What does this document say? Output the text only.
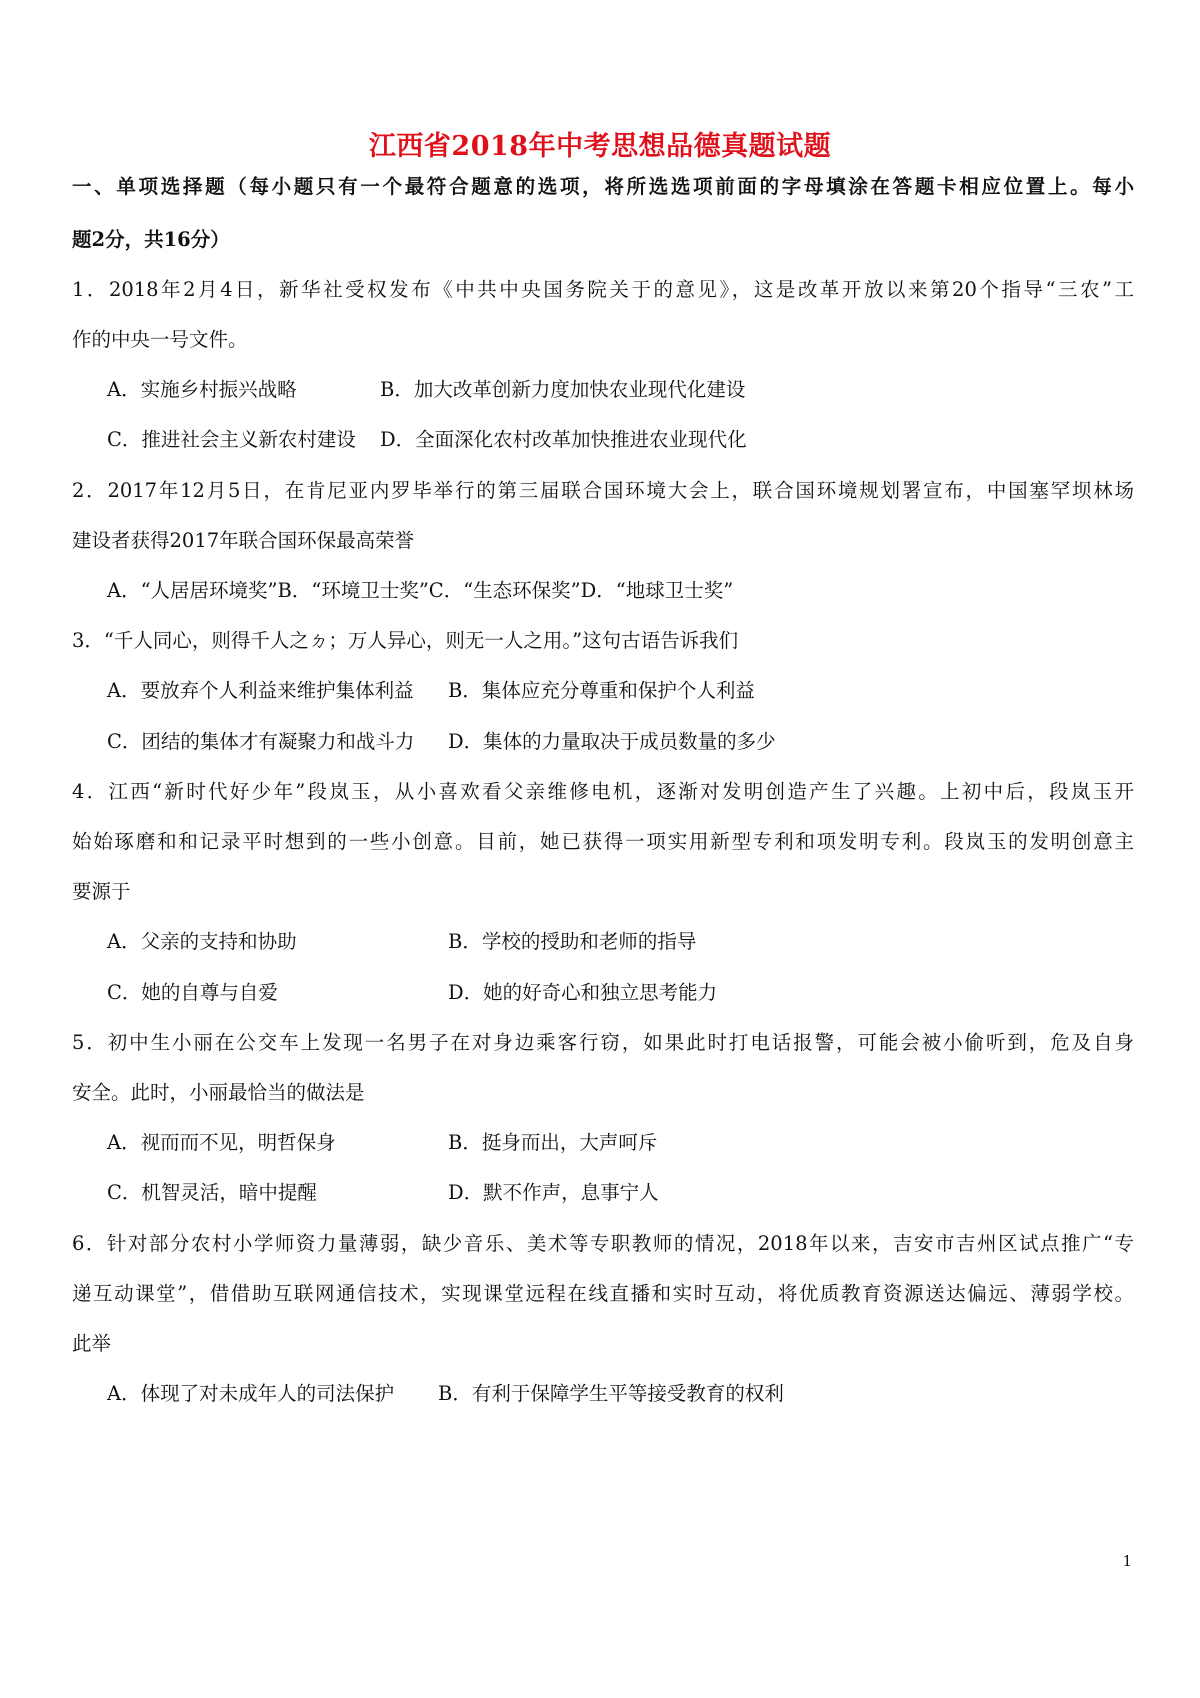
江西省2018年中考思想品德真题试题
一、单项选择题（每小题只有一个最符合题意的选项，将所选选项前面的字母填涂在答题卡相应位置上。每小
题2分，共16分）
1．2018年2月4日，新华社受权发布《中共中央国务院关于的意见》，这是改革开放以来第20个指导“三农”工
作的中央一号文件。
A．实施乡村振兴战略	B．加大改革创新力度加快农业现代化建设
C．推进社会主义新农村建设 D．全面深化农村改革加快推进农业现代化
2．2017年12月5日，在肯尼亚内罗毕举行的第三届联合国环境大会上，联合国环境规划署宣布，中国塞罕坝林场
建设者获得2017年联合国环保最高荣誉
A．“人居居环境奖”B．“环境卫士奖”C．“生态环保奖”D．“地球卫士奖”
3．“千人同心，则得千人之ㄉ；万人异心，则无一人之用。”这句古语告诉我们
A．要放弃个人利益来维护集体利益 B．集体应充分尊重和保护个人利益
C．团结的集体才有凝聚力和战斗力 D．集体的力量取决于成员数量的多少
4．江西“新时代好少年”段岚玉，从小喜欢看父亲维修电机，逐渐对发明创造产生了兴趣。上初中后，段岚玉开
始始琢磨和和记录平时想到的一些小创意。目前，她已获得一项实用新型专利和项发明专利。段岚玉的发明创意主
要源于
A．父亲的支持和协助	B．学校的授助和老师的指导
C．她的自尊与自爱	D．她的好奇心和独立思考能力
5．初中生小丽在公交车上发现一名男子在对身边乘客行窃，如果此时打电话报警，可能会被小偷听到，危及自身
安全。此时，小丽最恰当的做法是
A．视而而不见，明哲保身	B．挺身而出，大声呵斥
C．机智灵活，暗中提醒	D．默不作声，息事宁人
6．针对部分农村小学师资力量薄弱，缺少音乐、美术等专职教师的情况，2018年以来，吉安市吉州区试点推广“专
递互动课堂”，借借助互联网通信技术，实现课堂远程在线直播和实时互动，将优质教育资源送达偏远、薄弱学校。
此举
A．体现了对未成年人的司法保护 B．有利于保障学生平等接受教育的权利
1
